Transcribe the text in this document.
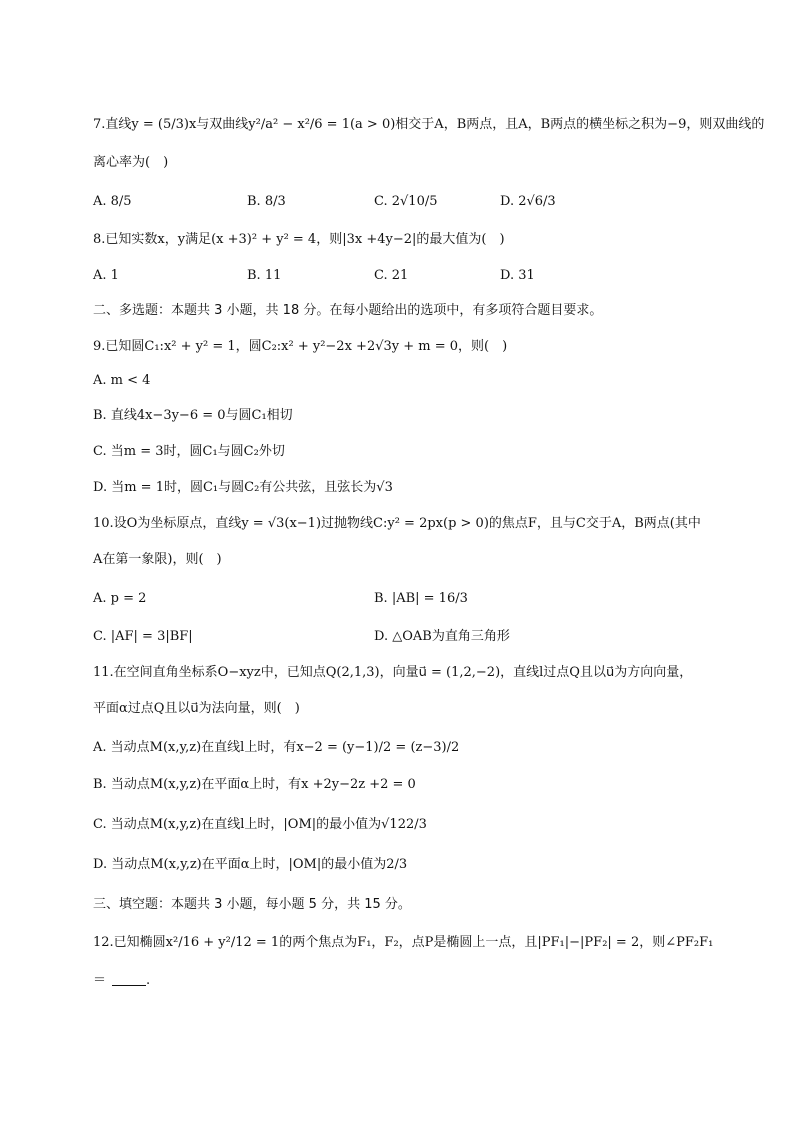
7.直线y = (5/3)x与双曲线y²/a² − x²/6 = 1(a > 0)相交于A，B两点，且A，B两点的横坐标之积为−9，则双曲线的
离心率为(　)
A. 8/5	B. 8/3	C. 2√10/5	D. 2√6/3
8.已知实数x，y满足(x +3)² + y² = 4，则|3x +4y−2|的最大值为(　)
A. 1	B. 11	C. 21	D. 31
二、多选题：本题共 3 小题，共 18 分。在每小题给出的选项中，有多项符合题目要求。
9.已知圆C₁:x² + y² = 1，圆C₂:x² + y²−2x +2√3y + m = 0，则(　)
A. m < 4
B. 直线4x−3y−6 = 0与圆C₁相切
C. 当m = 3时，圆C₁与圆C₂外切
D. 当m = 1时，圆C₁与圆C₂有公共弦，且弦长为√3
10.设O为坐标原点，直线y = √3(x−1)过抛物线C:y² = 2px(p > 0)的焦点F，且与C交于A，B两点(其中
A在第一象限)，则(　)
A. p = 2	B. |AB| = 16/3
C. |AF| = 3|BF|	D. △OAB为直角三角形
11.在空间直角坐标系O−xyz中，已知点Q(2,1,3)，向量u⃗ = (1,2,−2)，直线l过点Q且以u⃗为方向向量，
平面α过点Q且以u⃗为法向量，则(　)
A. 当动点M(x,y,z)在直线l上时，有x−2 = (y−1)/2 = (z−3)/2
B. 当动点M(x,y,z)在平面α上时，有x +2y−2z +2 = 0
C. 当动点M(x,y,z)在直线l上时，|OM|的最小值为√122/3
D. 当动点M(x,y,z)在平面α上时，|OM|的最小值为2/3
三、填空题：本题共 3 小题，每小题 5 分，共 15 分。
12.已知椭圆x²/16 + y²/12 = 1的两个焦点为F₁，F₂，点P是椭圆上一点，且|PF₁|−|PF₂| = 2，则∠PF₂F₁
＝	.
